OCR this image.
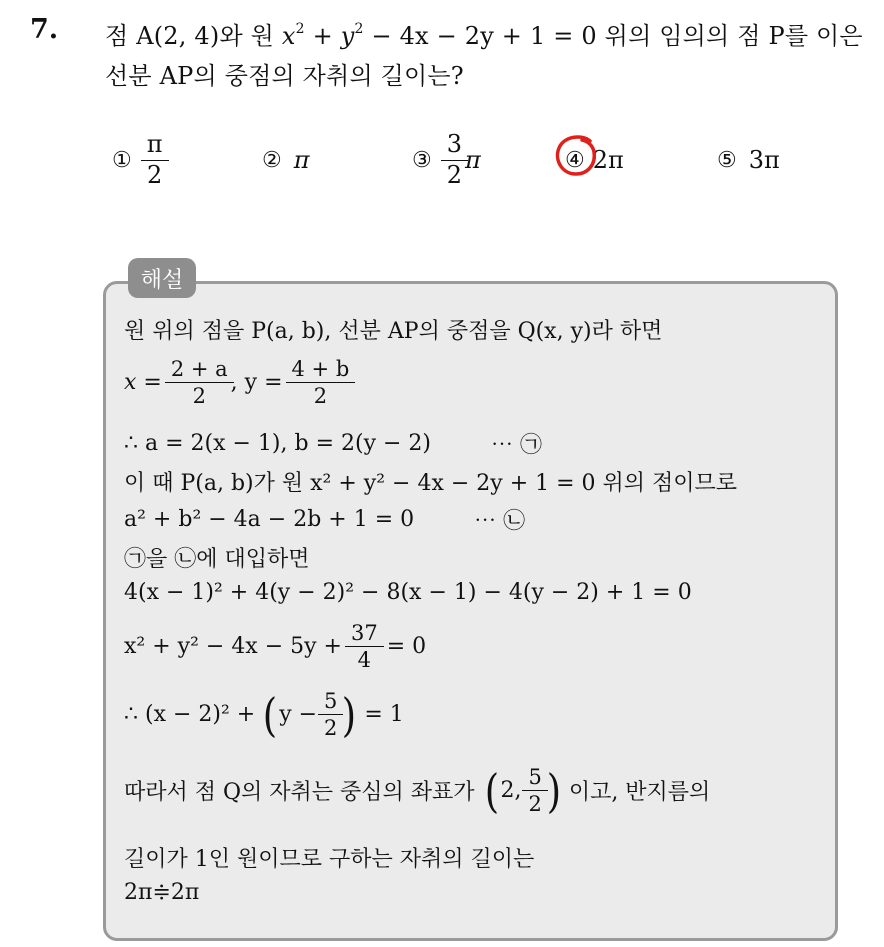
7. 점 A(2, 4)와 원 $x^2 + y^2 - 4x - 2y + 1 = 0$ 위의 임의의 점 P를 이은
선분 AP의 중점의 자취의 길이는?
① $\frac{\pi}{2}$	② π	③ $\frac{3}{2}$ π	④ 2π	⑤ 3π
해설
원 위의 점을 P(a, b), 선분 AP의 중점을 Q(x, y)라 하면
$x = \frac{2 + a}{2}$ , $y = \frac{4 + b}{2}$
∴ a = 2(x − 1), b = 2(y − 2)	⋯ ㉠
이 때 P(a, b)가 원 x² + y² − 4x − 2y + 1 = 0 위의 점이므로
a² + b² − 4a − 2b + 1 = 0	⋯ ㉡
㉠을 ㉡에 대입하면
4(x − 1)² + 4(y − 2)² − 8(x − 1) − 4(y − 2) + 1 = 0
$x^2 + y^2 - 4x - 5y + \frac{37}{4} = 0$
∴ (x − 2)² + ( $y - \frac{5}{2}$ ) = 1
따라서 점 Q의 자취는 중심의 좌표가 ( 2, $\frac{5}{2}$ ) 이고, 반지름의
길이가 1인 원이므로 구하는 자취의 길이는
2π≑2π
